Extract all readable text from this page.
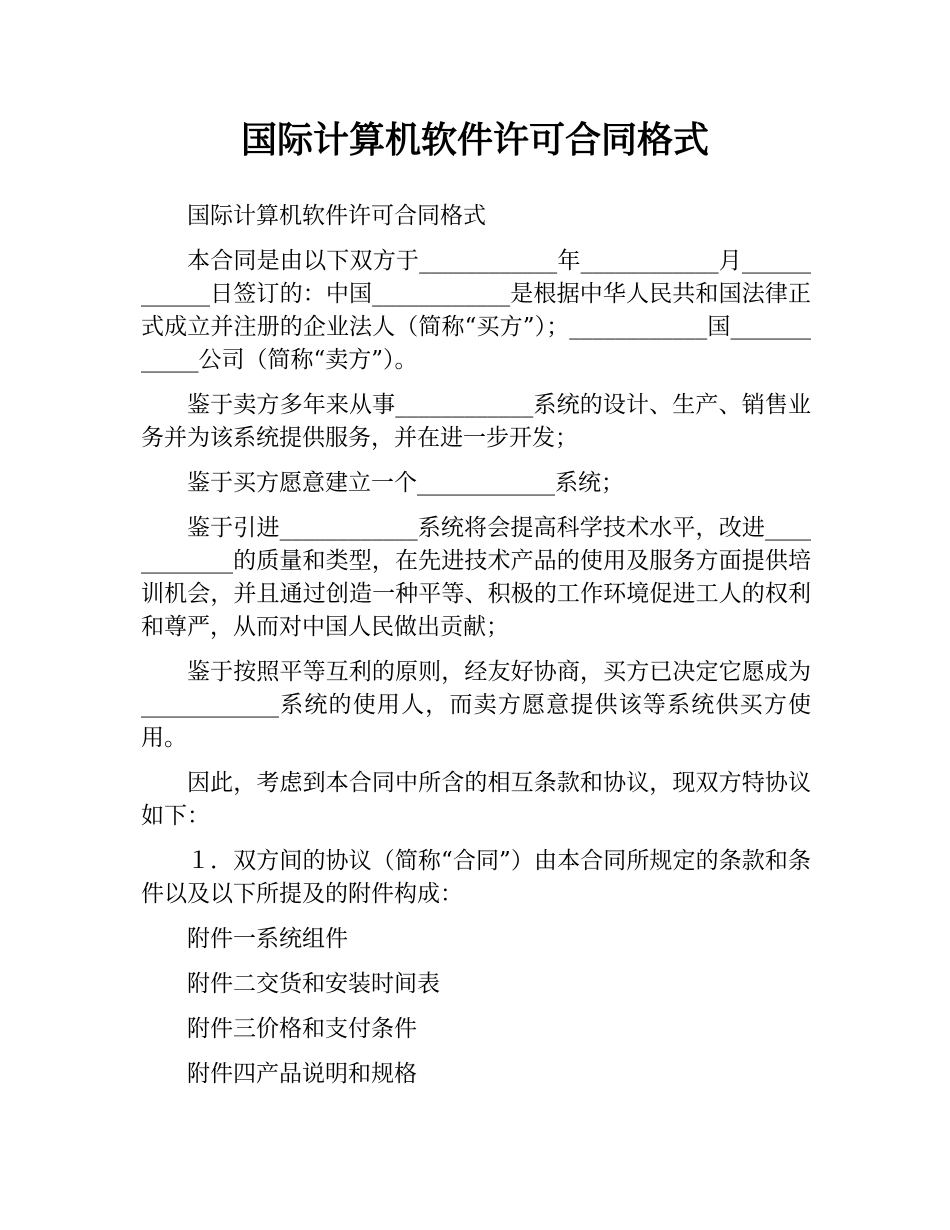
国际计算机软件许可合同格式

国际计算机软件许可合同格式

本合同是由以下双方于____________年____________月____________日签订的：中国____________是根据中华人民共和国法律正式成立并注册的企业法人（简称“买方”）；____________国____________公司（简称“卖方”）。

鉴于卖方多年来从事____________系统的设计、生产、销售业务并为该系统提供服务，并在进一步开发；

鉴于买方愿意建立一个____________系统；

鉴于引进____________系统将会提高科学技术水平，改进____________的质量和类型，在先进技术产品的使用及服务方面提供培训机会，并且通过创造一种平等、积极的工作环境促进工人的权利和尊严，从而对中国人民做出贡献；

鉴于按照平等互利的原则，经友好协商，买方已决定它愿成为____________系统的使用人，而卖方愿意提供该等系统供买方使用。

因此，考虑到本合同中所含的相互条款和协议，现双方特协议如下：

１．双方间的协议（简称“合同”）由本合同所规定的条款和条件以及以下所提及的附件构成：

附件一系统组件

附件二交货和安装时间表

附件三价格和支付条件

附件四产品说明和规格
